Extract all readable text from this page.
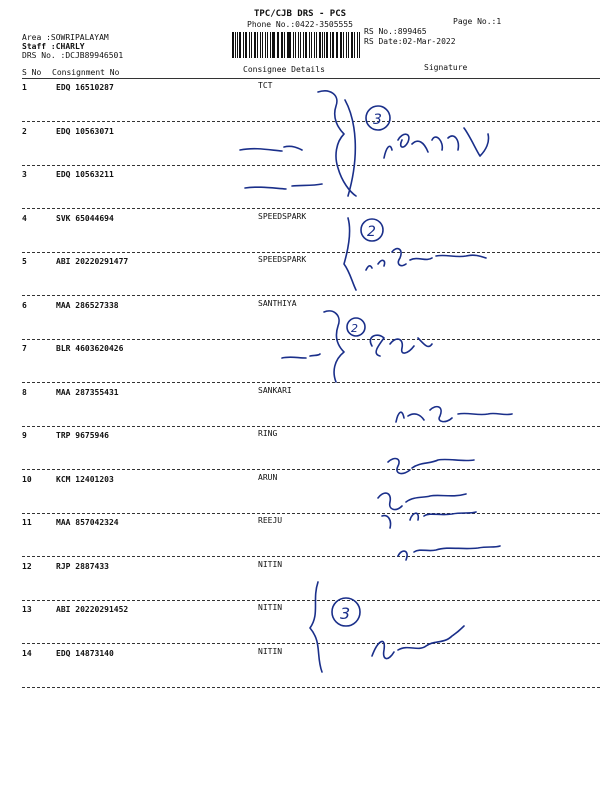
TPC/CJB DRS - PCS
Phone No.:0422-3505555	Page No.:1
Area :SOWRIPALAYAM
Staff :CHARLY
DRS No. :DCJB89946501
RS No.:899465
RS Date:02-Mar-2022
S No Consignment No	Consignee Details	Signature
1	EDQ 16510287	TCT
2	EDQ 10563071
3	EDQ 10563211
4	SVK 65044694	SPEEDSPARK
5	ABI 20220291477	SPEEDSPARK
6	MAA 286527338	SANTHIYA
7	BLR 4603620426
8	MAA 287355431	SANKARI
9	TRP 9675946	RING
10	KCM 12401203	ARUN
11	MAA 857042324	REEJU
12	RJP 2887433	NITIN
13	ABI 20220291452	NITIN
14	EDQ 14873140	NITIN
3
2
2
3
